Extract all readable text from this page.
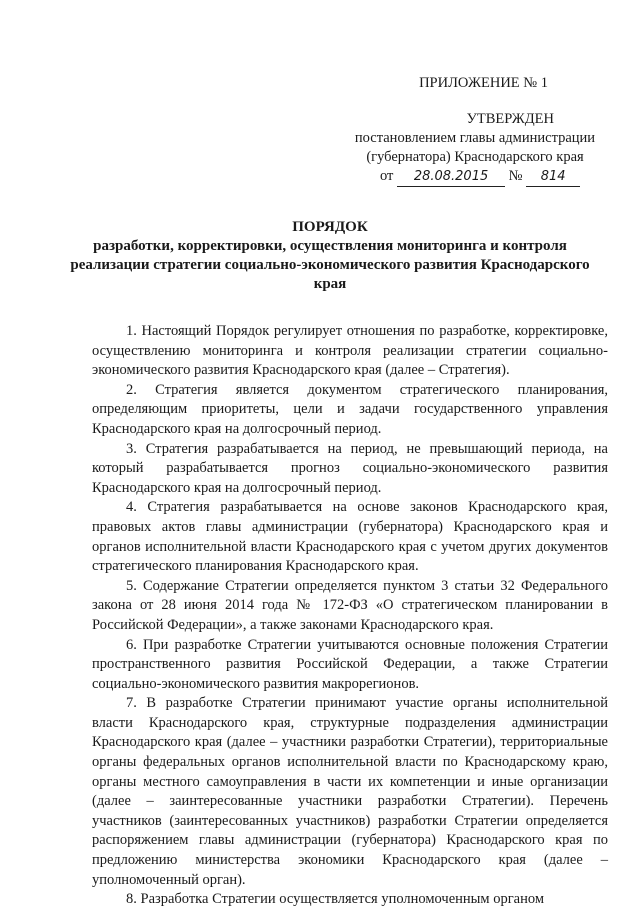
ПРИЛОЖЕНИЕ № 1
УТВЕРЖДЕН
постановлением главы администрации
(губернатора) Краснодарского края
от 28.08.2015 № 814
ПОРЯДОК
разработки, корректировки, осуществления мониторинга и контроля реализации стратегии социально-экономического развития Краснодарского края

1. Настоящий Порядок регулирует отношения по разработке, корректировке, осуществлению мониторинга и контроля реализации стратегии социально-экономического развития Краснодарского края (далее – Стратегия).

2. Стратегия является документом стратегического планирования, определяющим приоритеты, цели и задачи государственного управления Краснодарского края на долгосрочный период.

3. Стратегия разрабатывается на период, не превышающий периода, на который разрабатывается прогноз социально-экономического развития Краснодарского края на долгосрочный период.

4. Стратегия разрабатывается на основе законов Краснодарского края, правовых актов главы администрации (губернатора) Краснодарского края и органов исполнительной власти Краснодарского края с учетом других документов стратегического планирования Краснодарского края.

5. Содержание Стратегии определяется пунктом 3 статьи 32 Федерального закона от 28 июня 2014 года № 172-ФЗ «О стратегическом планировании в Российской Федерации», а также законами Краснодарского края.

6. При разработке Стратегии учитываются основные положения Стратегии пространственного развития Российской Федерации, а также Стратегии социально-экономического развития макрорегионов.

7. В разработке Стратегии принимают участие органы исполнительной власти Краснодарского края, структурные подразделения администрации Краснодарского края (далее – участники разработки Стратегии), территориальные органы федеральных органов исполнительной власти по Краснодарскому краю, органы местного самоуправления в части их компетенции и иные организации (далее – заинтересованные участники разработки Стратегии). Перечень участников (заинтересованных участников) разработки Стратегии определяется распоряжением главы администрации (губернатора) Краснодарского края по предложению министерства экономики Краснодарского края (далее – уполномоченный орган).

8. Разработка Стратегии осуществляется уполномоченным органом
